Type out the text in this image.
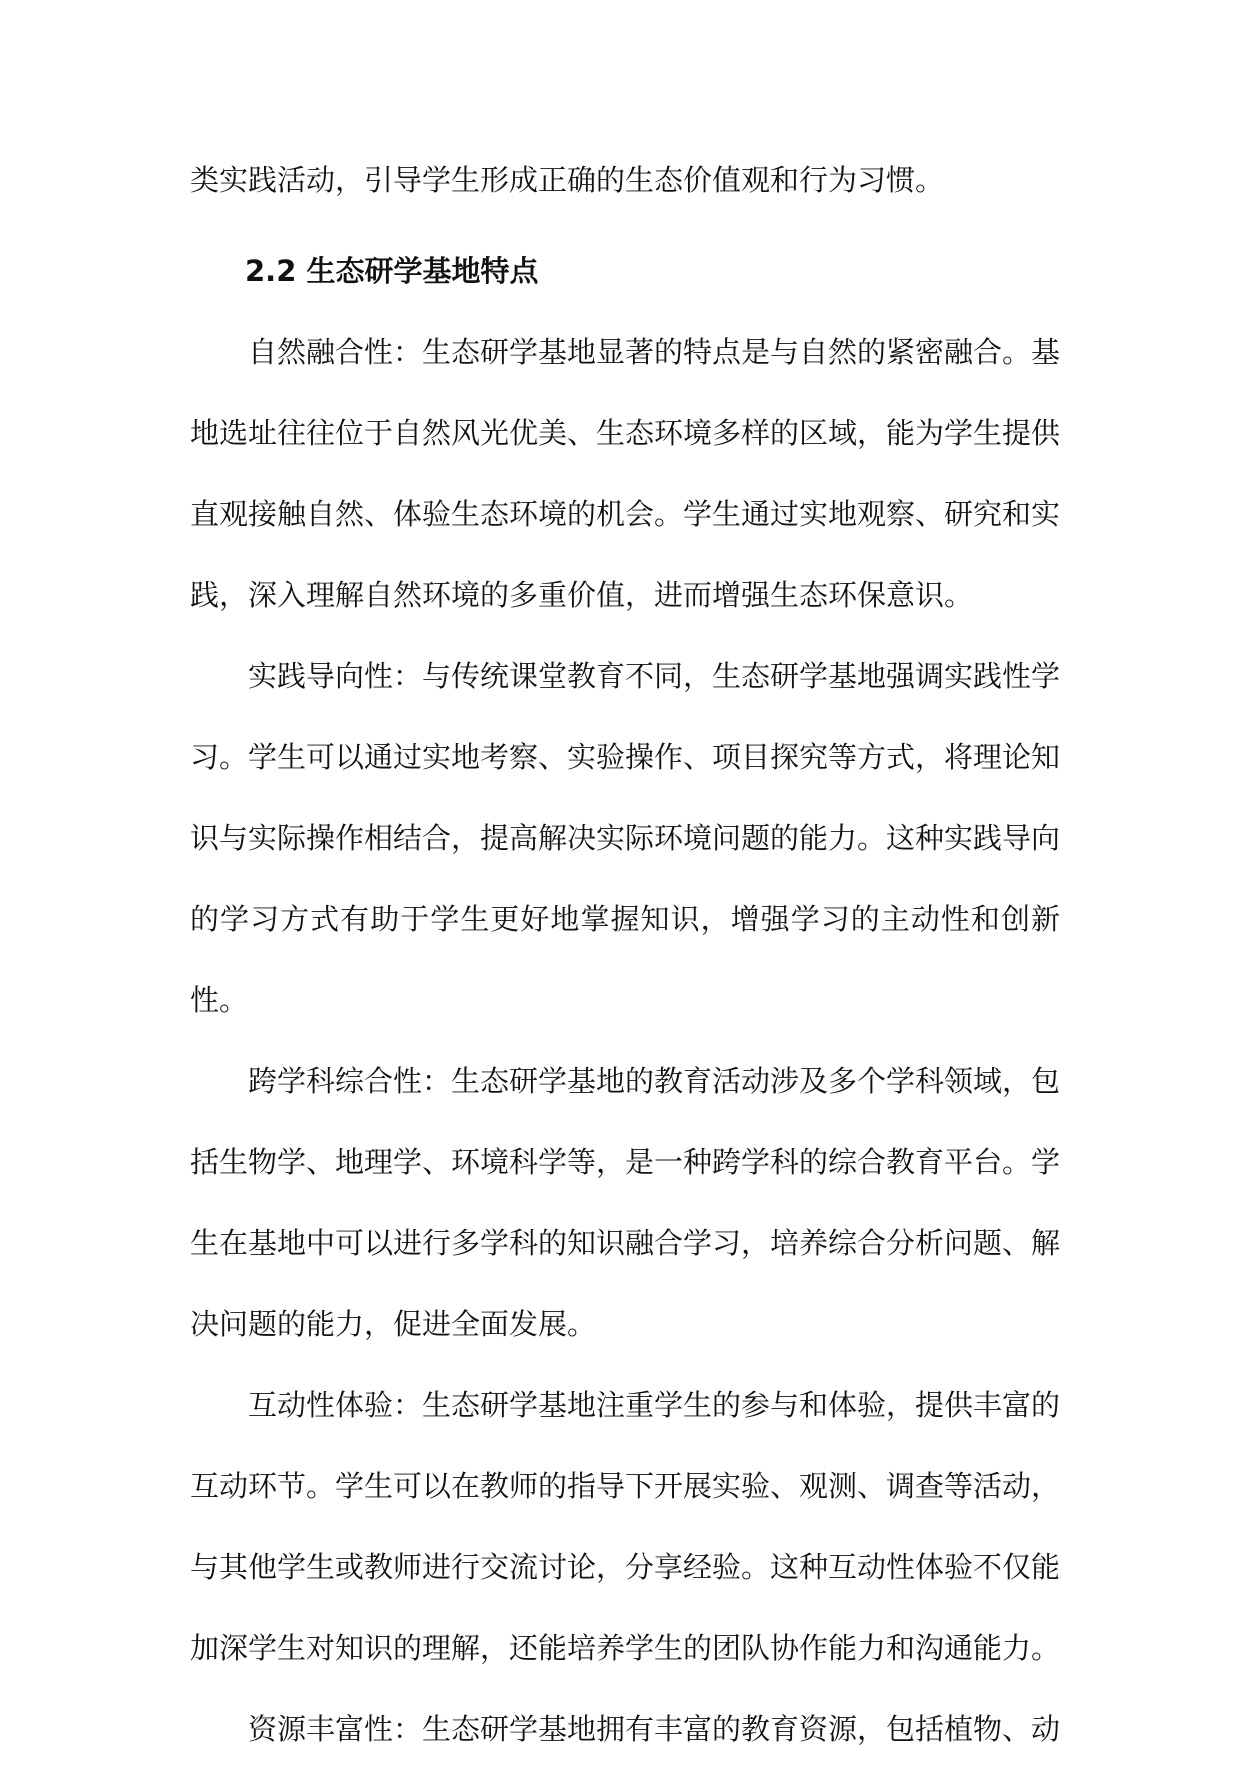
类实践活动，引导学生形成正确的生态价值观和行为习惯。

2.2 生态研学基地特点

自然融合性：生态研学基地显著的特点是与自然的紧密融合。基地选址往往位于自然风光优美、生态环境多样的区域，能为学生提供直观接触自然、体验生态环境的机会。学生通过实地观察、研究和实践，深入理解自然环境的多重价值，进而增强生态环保意识。

实践导向性：与传统课堂教育不同，生态研学基地强调实践性学习。学生可以通过实地考察、实验操作、项目探究等方式，将理论知识与实际操作相结合，提高解决实际环境问题的能力。这种实践导向的学习方式有助于学生更好地掌握知识，增强学习的主动性和创新性。

跨学科综合性：生态研学基地的教育活动涉及多个学科领域，包括生物学、地理学、环境科学等，是一种跨学科的综合教育平台。学生在基地中可以进行多学科的知识融合学习，培养综合分析问题、解决问题的能力，促进全面发展。

互动性体验：生态研学基地注重学生的参与和体验，提供丰富的互动环节。学生可以在教师的指导下开展实验、观测、调查等活动，与其他学生或教师进行交流讨论，分享经验。这种互动性体验不仅能加深学生对知识的理解，还能培养学生的团队协作能力和沟通能力。

资源丰富性：生态研学基地拥有丰富的教育资源，包括植物、动
